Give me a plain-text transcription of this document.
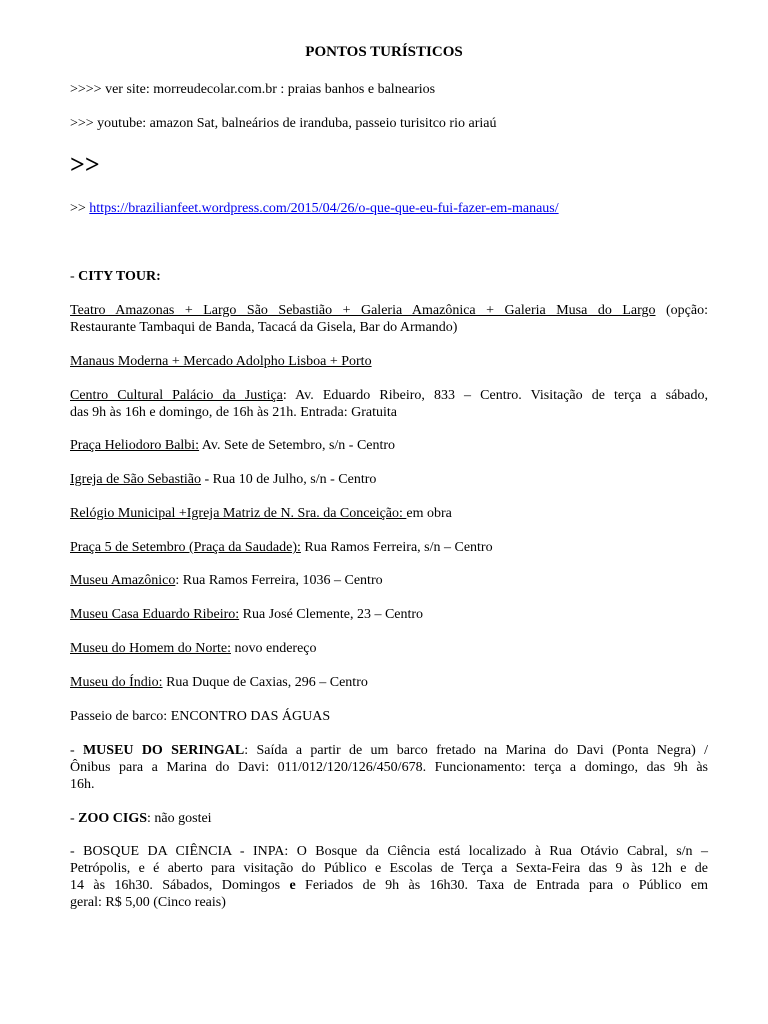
PONTOS TURÍSTICOS
>>>> ver site: morreudecolar.com.br : praias banhos e balnearios
>>> youtube: amazon Sat, balneários de iranduba, passeio turisitco rio ariaú
>>
>> https://brazilianfeet.wordpress.com/2015/04/26/o-que-que-eu-fui-fazer-em-manaus/
- CITY TOUR:
Teatro Amazonas + Largo São Sebastião + Galeria Amazônica + Galeria Musa do Largo (opção:
Restaurante Tambaqui de Banda, Tacacá da Gisela, Bar do Armando)
Manaus Moderna + Mercado Adolpho Lisboa + Porto
Centro Cultural Palácio da Justiça: Av. Eduardo Ribeiro, 833 – Centro. Visitação de terça a sábado,
das 9h às 16h e domingo, de 16h às 21h. Entrada: Gratuita
Praça Heliodoro Balbi: Av. Sete de Setembro, s/n - Centro
Igreja de São Sebastião - Rua 10 de Julho, s/n - Centro
Relógio Municipal +Igreja Matriz de N. Sra. da Conceição: em obra
Praça 5 de Setembro (Praça da Saudade): Rua Ramos Ferreira, s/n – Centro
Museu Amazônico: Rua Ramos Ferreira, 1036 – Centro
Museu Casa Eduardo Ribeiro: Rua José Clemente, 23 – Centro
Museu do Homem do Norte: novo endereço
Museu do Índio: Rua Duque de Caxias, 296 – Centro
Passeio de barco: ENCONTRO DAS ÁGUAS
- MUSEU DO SERINGAL: Saída a partir de um barco fretado na Marina do Davi (Ponta Negra) /
Ônibus para a Marina do Davi: 011/012/120/126/450/678. Funcionamento: terça a domingo, das 9h às
16h.
- ZOO CIGS: não gostei
- BOSQUE DA CIÊNCIA - INPA: O Bosque da Ciência está localizado à Rua Otávio Cabral, s/n –
Petrópolis, e é aberto para visitação do Público e Escolas de Terça a Sexta-Feira das 9 às 12h e de
14 às 16h30. Sábados, Domingos e Feriados de 9h às 16h30. Taxa de Entrada para o Público em
geral: R$ 5,00 (Cinco reais)
